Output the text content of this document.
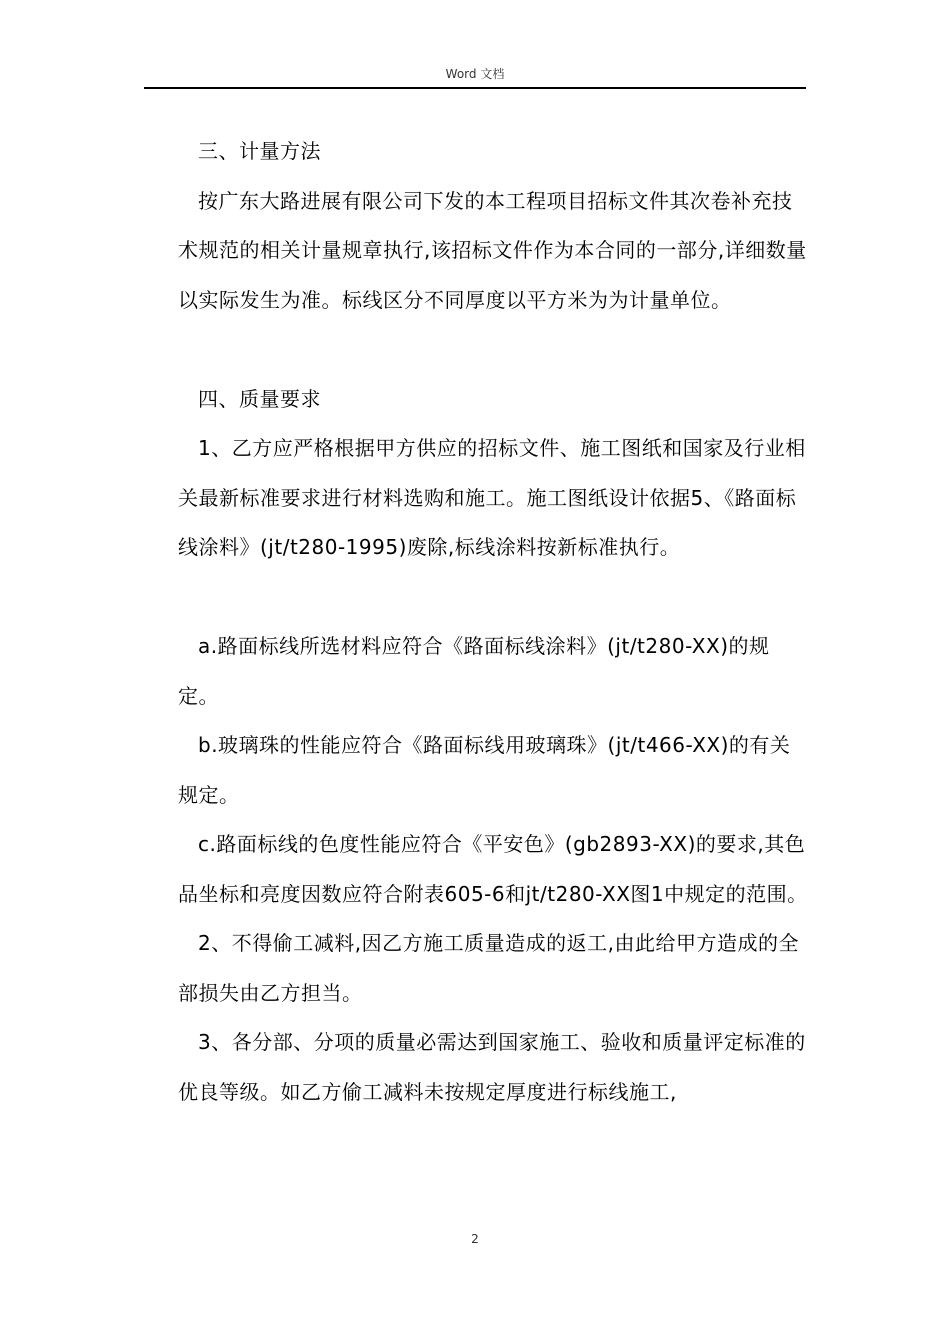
Word 文档

三、计量方法

按广东大路进展有限公司下发的本工程项目招标文件其次卷补充技术规范的相关计量规章执行,该招标文件作为本合同的一部分,详细数量以实际发生为准。标线区分不同厚度以平方米为为计量单位。

四、质量要求

1、乙方应严格根据甲方供应的招标文件、施工图纸和国家及行业相关最新标准要求进行材料选购和施工。施工图纸设计依据5、《路面标线涂料》(jt/t280-1995)废除,标线涂料按新标准执行。

a.路面标线所选材料应符合《路面标线涂料》(jt/t280-XX)的规定。

b.玻璃珠的性能应符合《路面标线用玻璃珠》(jt/t466-XX)的有关规定。

c.路面标线的色度性能应符合《平安色》(gb2893-XX)的要求,其色品坐标和亮度因数应符合附表605-6和jt/t280-XX图1中规定的范围。

2、不得偷工减料,因乙方施工质量造成的返工,由此给甲方造成的全部损失由乙方担当。

3、各分部、分项的质量必需达到国家施工、验收和质量评定标准的优良等级。如乙方偷工减料未按规定厚度进行标线施工,

2
